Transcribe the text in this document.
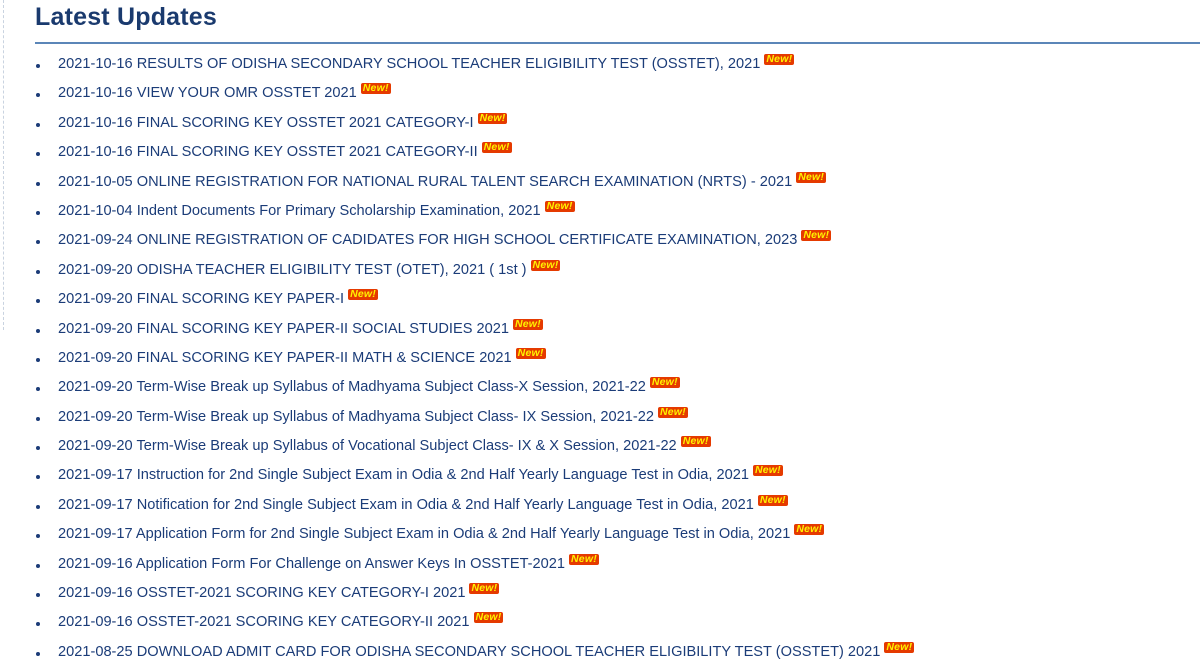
Latest Updates
2021-10-16 RESULTS OF ODISHA SECONDARY SCHOOL TEACHER ELIGIBILITY TEST (OSSTET), 2021 New!
2021-10-16 VIEW YOUR OMR OSSTET 2021 New!
2021-10-16 FINAL SCORING KEY OSSTET 2021 CATEGORY-I New!
2021-10-16 FINAL SCORING KEY OSSTET 2021 CATEGORY-II New!
2021-10-05 ONLINE REGISTRATION FOR NATIONAL RURAL TALENT SEARCH EXAMINATION (NRTS) - 2021 New!
2021-10-04 Indent Documents For Primary Scholarship Examination, 2021 New!
2021-09-24 ONLINE REGISTRATION OF CADIDATES FOR HIGH SCHOOL CERTIFICATE EXAMINATION, 2023 New!
2021-09-20 ODISHA TEACHER ELIGIBILITY TEST (OTET), 2021 ( 1st ) New!
2021-09-20 FINAL SCORING KEY PAPER-I New!
2021-09-20 FINAL SCORING KEY PAPER-II SOCIAL STUDIES 2021 New!
2021-09-20 FINAL SCORING KEY PAPER-II MATH & SCIENCE 2021 New!
2021-09-20 Term-Wise Break up Syllabus of Madhyama Subject Class-X Session, 2021-22 New!
2021-09-20 Term-Wise Break up Syllabus of Madhyama Subject Class- IX Session, 2021-22 New!
2021-09-20 Term-Wise Break up Syllabus of Vocational Subject Class- IX & X Session, 2021-22 New!
2021-09-17 Instruction for 2nd Single Subject Exam in Odia & 2nd Half Yearly Language Test in Odia, 2021 New!
2021-09-17 Notification for 2nd Single Subject Exam in Odia & 2nd Half Yearly Language Test in Odia, 2021 New!
2021-09-17 Application Form for 2nd Single Subject Exam in Odia & 2nd Half Yearly Language Test in Odia, 2021 New!
2021-09-16 Application Form For Challenge on Answer Keys In OSSTET-2021 New!
2021-09-16 OSSTET-2021 SCORING KEY CATEGORY-I 2021 New!
2021-09-16 OSSTET-2021 SCORING KEY CATEGORY-II 2021 New!
2021-08-25 DOWNLOAD ADMIT CARD FOR ODISHA SECONDARY SCHOOL TEACHER ELIGIBILITY TEST (OSSTET) 2021 New!
